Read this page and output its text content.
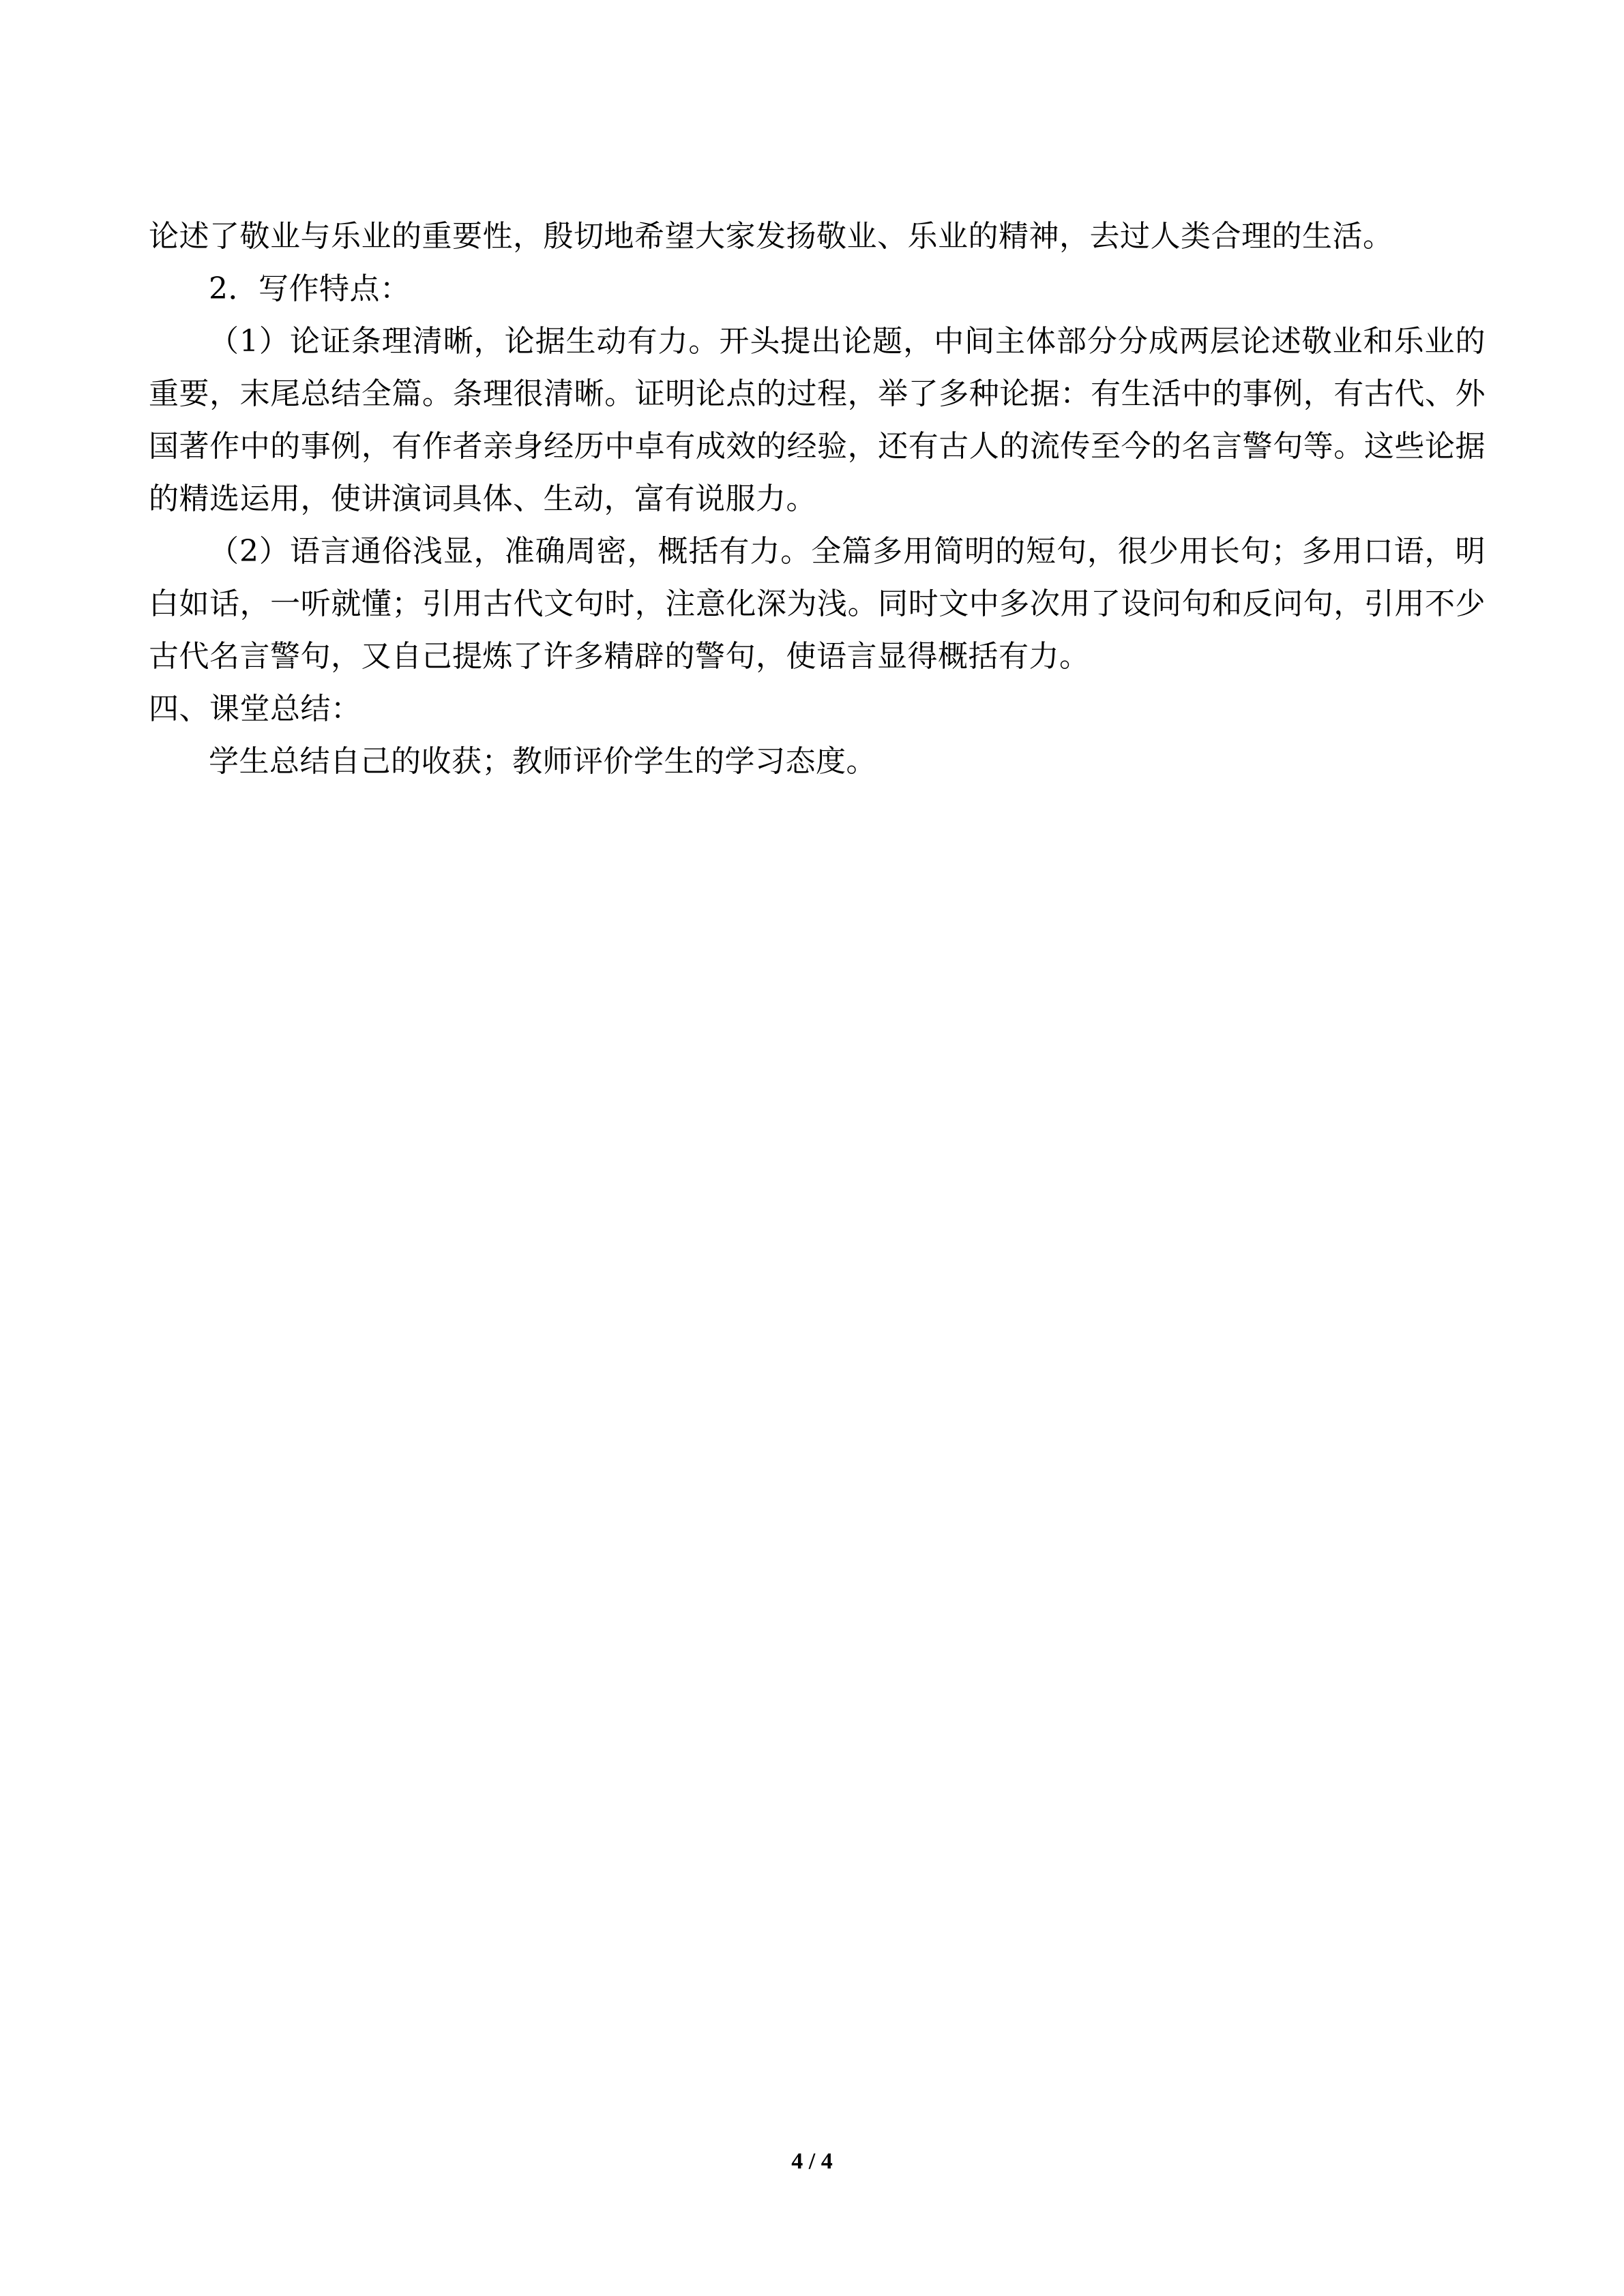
论述了敬业与乐业的重要性，殷切地希望大家发扬敬业、乐业的精神，去过人类合理的生活。

2．写作特点：

（1）论证条理清晰，论据生动有力。开头提出论题，中间主体部分分成两层论述敬业和乐业的重要，末尾总结全篇。条理很清晰。证明论点的过程，举了多种论据：有生活中的事例，有古代、外国著作中的事例，有作者亲身经历中卓有成效的经验，还有古人的流传至今的名言警句等。这些论据的精选运用，使讲演词具体、生动，富有说服力。

（2）语言通俗浅显，准确周密，概括有力。全篇多用简明的短句，很少用长句；多用口语，明白如话，一听就懂；引用古代文句时，注意化深为浅。同时文中多次用了设问句和反问句，引用不少古代名言警句，又自己提炼了许多精辟的警句，使语言显得概括有力。

四、课堂总结：

学生总结自己的收获；教师评价学生的学习态度。

4 / 4
